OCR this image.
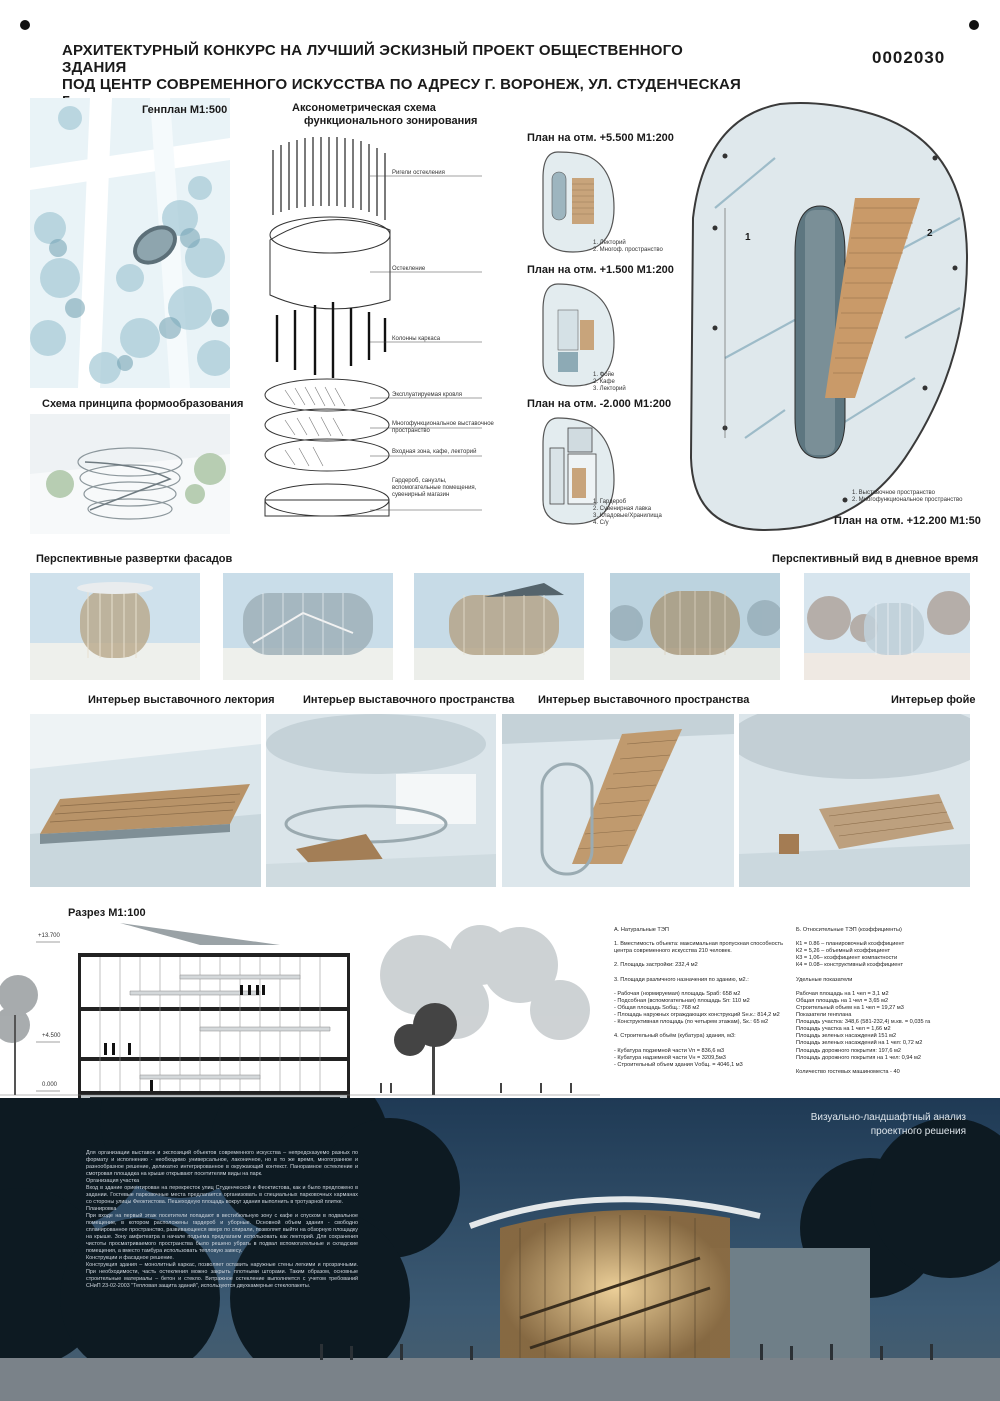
АРХИТЕКТУРНЫЙ КОНКУРС НА ЛУЧШИЙ ЭСКИЗНЫЙ ПРОЕКТ ОБЩЕСТВЕННОГО ЗДАНИЯ
ПОД ЦЕНТР СОВРЕМЕННОГО ИСКУССТВА ПО АДРЕСУ Г. ВОРОНЕЖ, УЛ. СТУДЕНЧЕСКАЯ
0002030
Генплан М1:500
Схема принципа формообразования
Аксонометрическая схема
функционального зонирования
Ригели остекления
Остекление
Колонны каркаса
Эксплуатируемая кровля
Многофункциональное выставочное пространство
Входная зона, кафе, лекторий
Гардероб, санузлы, вспомогательные помещения, сувенирный магазин
План на отм. +5.500 М1:200
1. Лекторий
2. Многоф. пространство
План на отм. +1.500 М1:200
1. Фойе
2. Кафе
3. Лекторий
План на отм. -2.000 М1:200
1. Гардероб
2. Сувенирная лавка
3. Кладовые/Хранилища
4. С/у
1	2
1. Выставочное пространство
2. Многофункциональное пространство
План на отм. +12.200 М1:50
Перспективные развертки фасадов	Перспективный вид в дневное время
Интерьер выставочного лектория	Интерьер выставочного пространства Интерьер выставочного пространства	Интерьер фойе
Разрез М1:100
+13.700
+4.500
0.000
А. Натуральные ТЭП
1. Вместимость объекта: максимальная пропускная способность центра современного искусства 210 человек.

2. Площадь застройки: 232,4 м2

3. Площади различного назначения по зданию, м2.:

- Рабочая (нормируемая) площадь Sраб: 658 м2
- Подсобная (вспомогательная) площадь Sп: 110 м2
- Общая площадь Sобщ.: 768 м2
- Площадь наружных ограждающих конструкций Sн.к.: 814,2 м2
- Конструктивная площадь (по четырем этажам), Sк.: 65 м2

4. Строительный объём (кубатура) здания, м3:

- Кубатура подземной части Vп = 836,6 м3
- Кубатура надземной части Vн = 3209,5м3
- Строительный объем здания Vобщ. = 4046,1 м3
Б. Относительные ТЭП (коэффициенты)
К1 = 0.86 – планировочный коэффициент
К2 = 5,26 – объемный коэффициент
К3 = 1,06– коэффициент компактности
К4 = 0.08– конструктивный коэффициент

Удельные показатели

Рабочая площадь на 1 чел = 3,1 м2
Общая площадь на 1 чел = 3,65 м2
Строительный объем на 1 чел = 19,27 м3
Показатели генплана
Площадь участка: 348,6 (581-232,4) м.кв. = 0,035 га
Площадь участка на 1 чел = 1,66 м2
Площадь зеленых насаждений 151 м2
Площадь зеленых насаждений на 1 чел: 0,72 м2
Площадь дорожного покрытия: 197,6 м2
Площадь дорожного покрытия на 1 чел: 0,94 м2

Количество гостевых машиноместа - 40
Визуально-ландшафтный анализ
проектного решения
Для организации выставок и экспозиций объектов современного искусства – непредсказуемо разных по формату и исполнению - необходимо универсальное, лаконичное, но в то же время, многогранное и разнообразное решение, деликатно интегрированное в окружающий контекст. Панорамное остекление и смотровая площадка на крыше открывают посетителям виды на парк.
Организация участка
Вход в здание ориентирован на перекресток улиц Студенческой и Феоктистова, как и было предложено в задании. Гостевые парковочные места предлагается организовать в специальных парковочных карманах со стороны улицы Феоктистова. Пешеходную площадь вокруг здания выполнить в тротуарной плитке.
Планировка
При входе на первый этаж посетители попадают в вестибюльную зону с кафе и спуском в подвальное помещение, в котором расположены гардероб и уборные. Основной объем здания - свободно спланированное пространство, развивающееся вверх по спирали, позволяет выйти на обзорную площадку на крыше. Зону амфитеатра в начале подъема предлагаем использовать как лекторий. Для сохранения чистоты просматриваемого пространства было решено убрать в подвал вспомогательные и складские помещения, а вместо тамбура использовать тепловую завесу.
Конструкции и фасадное решение.
Конструкция здания – монолитный каркас, позволяет оставить наружные стены легкими и прозрачными. При необходимости, часть остекления можно закрыть плотными шторами. Таким образом, основные строительные материалы – бетон и стекло. Витражное остекление выполняется с учетом требований СНиП 23-02-2003 "Тепловая защита зданий", используются двухкамерные стеклопакеты.
